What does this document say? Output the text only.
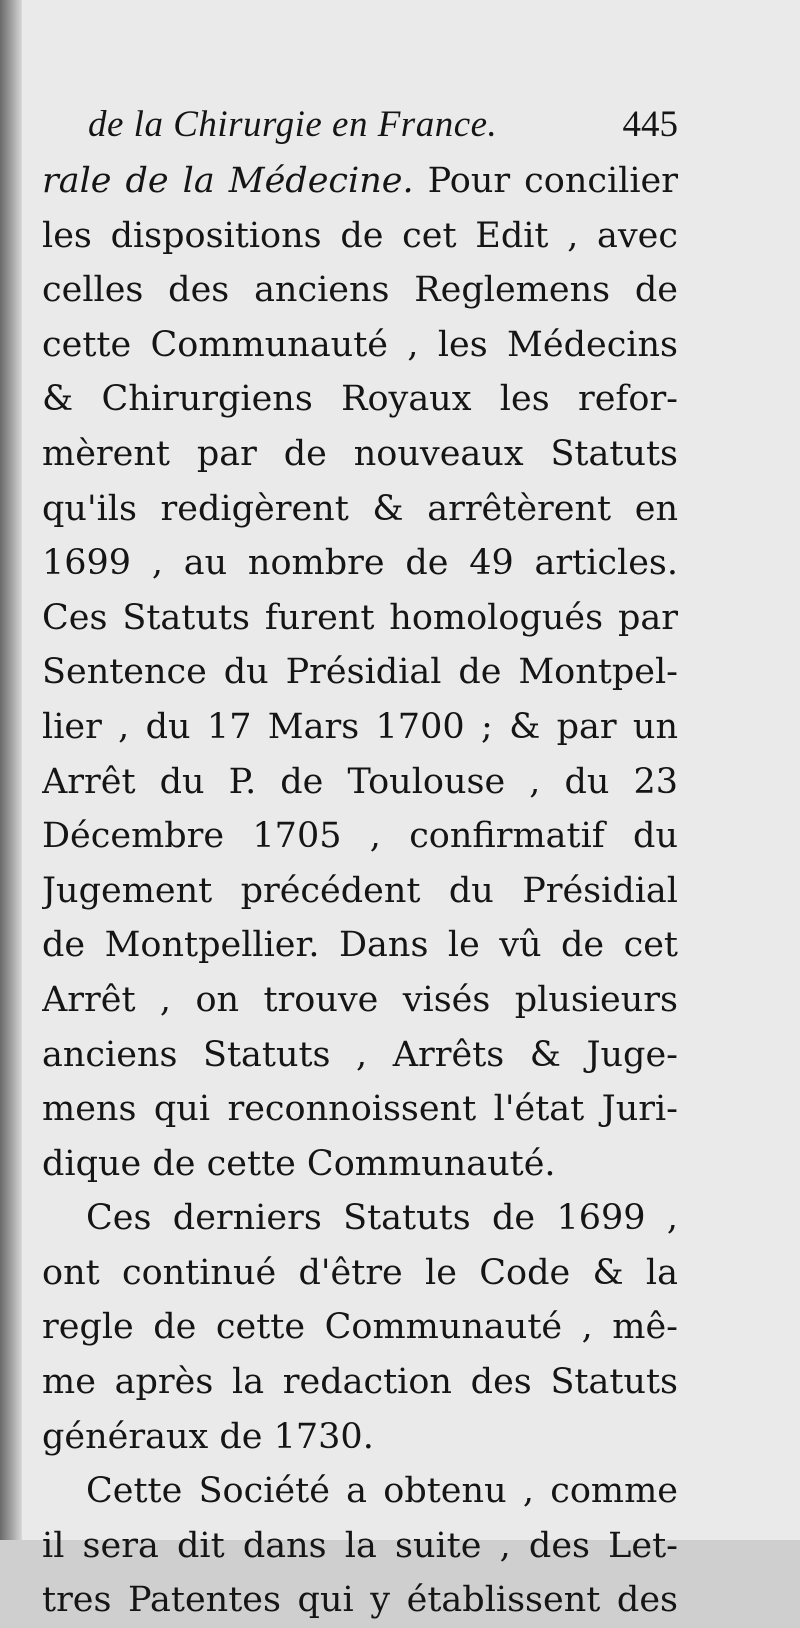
de la Chirurgie en France.	445
rale de la Médecine. Pour concilier
les dispositions de cet Edit , avec
celles des anciens Reglemens de
cette Communauté , les Médecins
& Chirurgiens Royaux les refor-
mèrent par de nouveaux Statuts
qu'ils redigèrent & arrêtèrent en
1699 , au nombre de 49 articles.
Ces Statuts furent homologués par
Sentence du Présidial de Montpel-
lier , du 17 Mars 1700 ; & par un
Arrêt du P. de Toulouse , du 23
Décembre 1705 , confirmatif du
Jugement précédent du Présidial
de Montpellier. Dans le vû de cet
Arrêt , on trouve visés plusieurs
anciens Statuts , Arrêts & Juge-
mens qui reconnoissent l'état Juri-
dique de cette Communauté.
Ces derniers Statuts de 1699 ,
ont continué d'être le Code & la
regle de cette Communauté , mê-
me après la redaction des Statuts
généraux de 1730.
Cette Société a obtenu , comme
il sera dit dans la suite , des Let-
tres Patentes qui y établissent des
